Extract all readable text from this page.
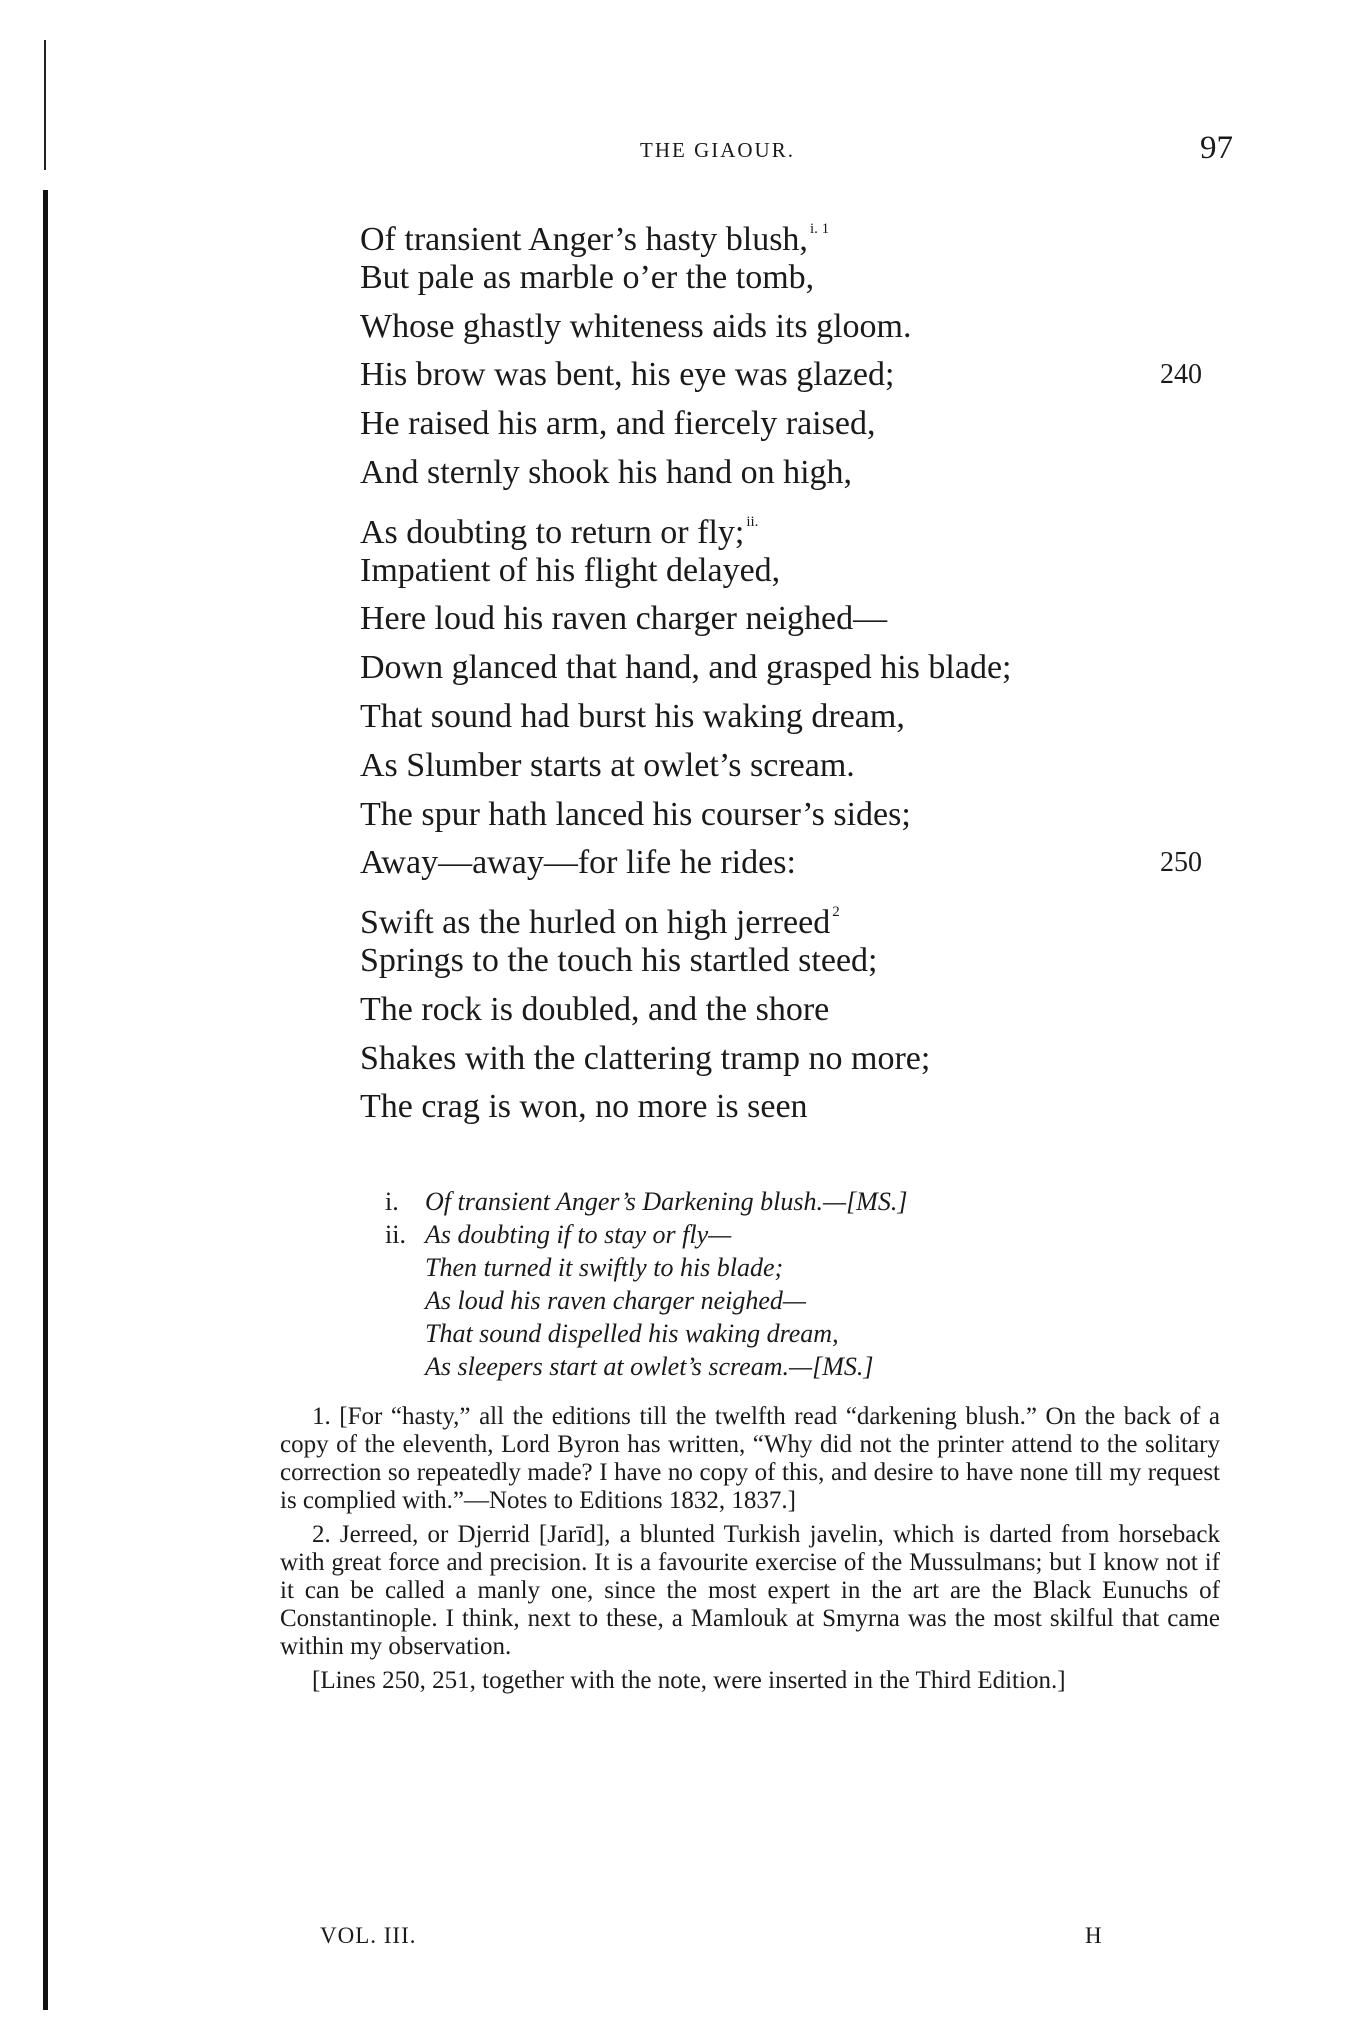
THE GIAOUR.	97
Of transient Anger’s hasty blush, $^{i. 1}$
But pale as marble o’er the tomb,
Whose ghastly whiteness aids its gloom.
His brow was bent, his eye was glazed;	240
He raised his arm, and fiercely raised,
And sternly shook his hand on high,
As doubting to return or fly; $^{ii.}$
Impatient of his flight delayed,
Here loud his raven charger neighed—
Down glanced that hand, and grasped his blade;
That sound had burst his waking dream,
As Slumber starts at owlet’s scream.
The spur hath lanced his courser’s sides;
Away—away—for life he rides:	250
Swift as the hurled on high jerreed $^2$
Springs to the touch his startled steed;
The rock is doubled, and the shore
Shakes with the clattering tramp no more;
The crag is won, no more is seen
i. Of transient Anger’s Darkening blush.—[MS.]
ii. As doubting if to stay or fly—
Then turned it swiftly to his blade;
As loud his raven charger neighed—
That sound dispelled his waking dream,
As sleepers start at owlet’s scream.—[MS.]

1. [For “hasty,” all the editions till the twelfth read “darkening blush.” On the back of a copy of the eleventh, Lord Byron has written, “Why did not the printer attend to the solitary correction so repeatedly made? I have no copy of this, and desire to have none till my request is complied with.”—Notes to Editions 1832, 1837.]

2. Jerreed, or Djerrid [Jarīd], a blunted Turkish javelin, which is darted from horseback with great force and precision. It is a favourite exercise of the Mussulmans; but I know not if it can be called a manly one, since the most expert in the art are the Black Eunuchs of Constantinople. I think, next to these, a Mamlouk at Smyrna was the most skilful that came within my observation.

[Lines 250, 251, together with the note, were inserted in the Third Edition.]

VOL. III.	H
